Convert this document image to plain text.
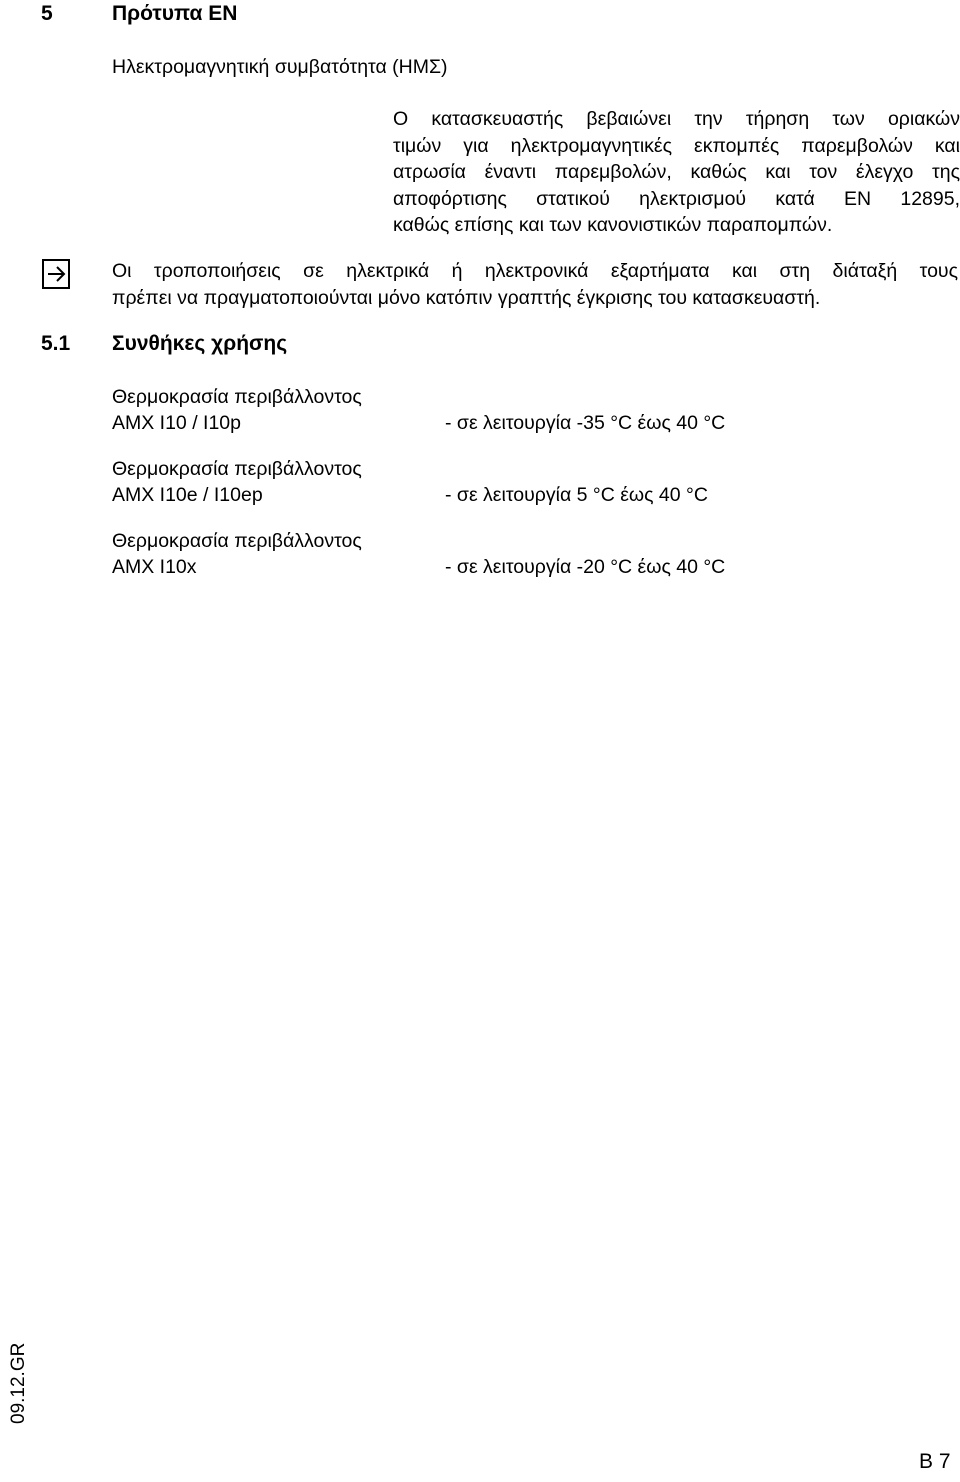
5	Πρότυπα EN
Ηλεκτρομαγνητική συμβατότητα (ΗΜΣ)
Ο κατασκευαστής βεβαιώνει την τήρηση των οριακών
τιμών για ηλεκτρομαγνητικές εκπομπές παρεμβολών και
ατρωσία έναντι παρεμβολών, καθώς και τον έλεγχο της
αποφόρτισης στατικού ηλεκτρισμού κατά EN 12895,
καθώς επίσης και των κανονιστικών παραπομπών.
Οι τροποποιήσεις σε ηλεκτρικά ή ηλεκτρονικά εξαρτήματα και στη διάταξή τους
πρέπει να πραγματοποιούνται μόνο κατόπιν γραπτής έγκρισης του κατασκευαστή.
5.1 Συνθήκες χρήσης
Θερμοκρασία περιβάλλοντος
AMX I10 / I10p	- σε λειτουργία -35 °C έως 40 °C
Θερμοκρασία περιβάλλοντος
AMX I10e / I10ep	- σε λειτουργία 5 °C έως 40 °C
Θερμοκρασία περιβάλλοντος
AMX I10x	- σε λειτουργία -20 °C έως 40 °C
09.12.GR
B 7
